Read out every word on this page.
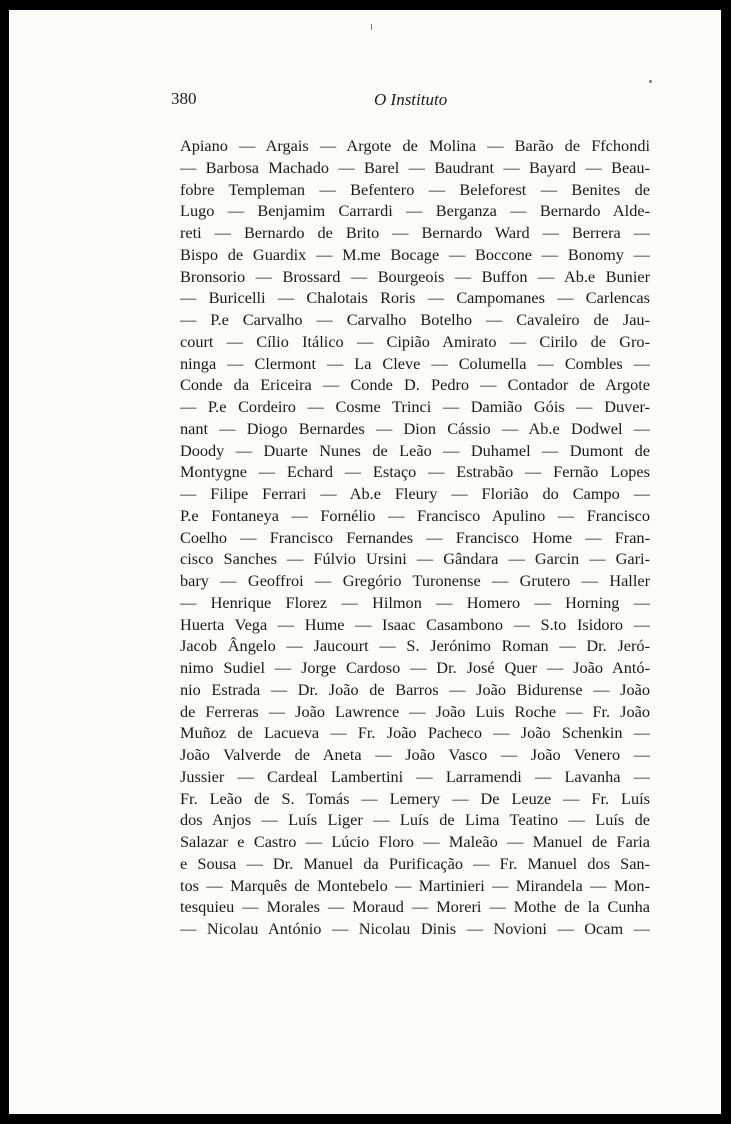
380	O Instituto
Apiano — Argais — Argote de Molina — Barão de Ffchondi
— Barbosa Machado — Barel — Baudrant — Bayard — Beau-
fobre Templeman — Befentero — Beleforest — Benites de
Lugo — Benjamim Carrardi — Berganza — Bernardo Alde-
reti — Bernardo de Brito — Bernardo Ward — Berrera —
Bispo de Guardix — M.me Bocage — Boccone — Bonomy —
Bronsorio — Brossard — Bourgeois — Buffon — Ab.e Bunier
— Buricelli — Chalotais Roris — Campomanes — Carlencas
— P.e Carvalho — Carvalho Botelho — Cavaleiro de Jau-
court — Cílio Itálico — Cipião Amirato — Cirilo de Gro-
ninga — Clermont — La Cleve — Columella — Combles —
Conde da Ericeira — Conde D. Pedro — Contador de Argote
— P.e Cordeiro — Cosme Trinci — Damião Góis — Duver-
nant — Diogo Bernardes — Dion Cássio — Ab.e Dodwel —
Doody — Duarte Nunes de Leão — Duhamel — Dumont de
Montygne — Echard — Estaço — Estrabão — Fernão Lopes
— Filipe Ferrari — Ab.e Fleury — Florião do Campo —
P.e Fontaneya — Fornélio — Francisco Apulino — Francisco
Coelho — Francisco Fernandes — Francisco Home — Fran-
cisco Sanches — Fúlvio Ursini — Gândara — Garcin — Gari-
bary — Geoffroi — Gregório Turonense — Grutero — Haller
— Henrique Florez — Hilmon — Homero — Horning —
Huerta Vega — Hume — Isaac Casambono — S.to Isidoro —
Jacob Ângelo — Jaucourt — S. Jerónimo Roman — Dr. Jeró-
nimo Sudiel — Jorge Cardoso — Dr. José Quer — João Antó-
nio Estrada — Dr. João de Barros — João Bidurense — João
de Ferreras — João Lawrence — João Luis Roche — Fr. João
Muñoz de Lacueva — Fr. João Pacheco — João Schenkin —
João Valverde de Aneta — João Vasco — João Venero —
Jussier — Cardeal Lambertini — Larramendi — Lavanha —
Fr. Leão de S. Tomás — Lemery — De Leuze — Fr. Luís
dos Anjos — Luís Liger — Luís de Lima Teatino — Luís de
Salazar e Castro — Lúcio Floro — Maleão — Manuel de Faria
e Sousa — Dr. Manuel da Purificação — Fr. Manuel dos San-
tos — Marquês de Montebelo — Martinieri — Mirandela — Mon-
tesquieu — Morales — Moraud — Moreri — Mothe de la Cunha
— Nicolau António — Nicolau Dinis — Novioni — Ocam —
